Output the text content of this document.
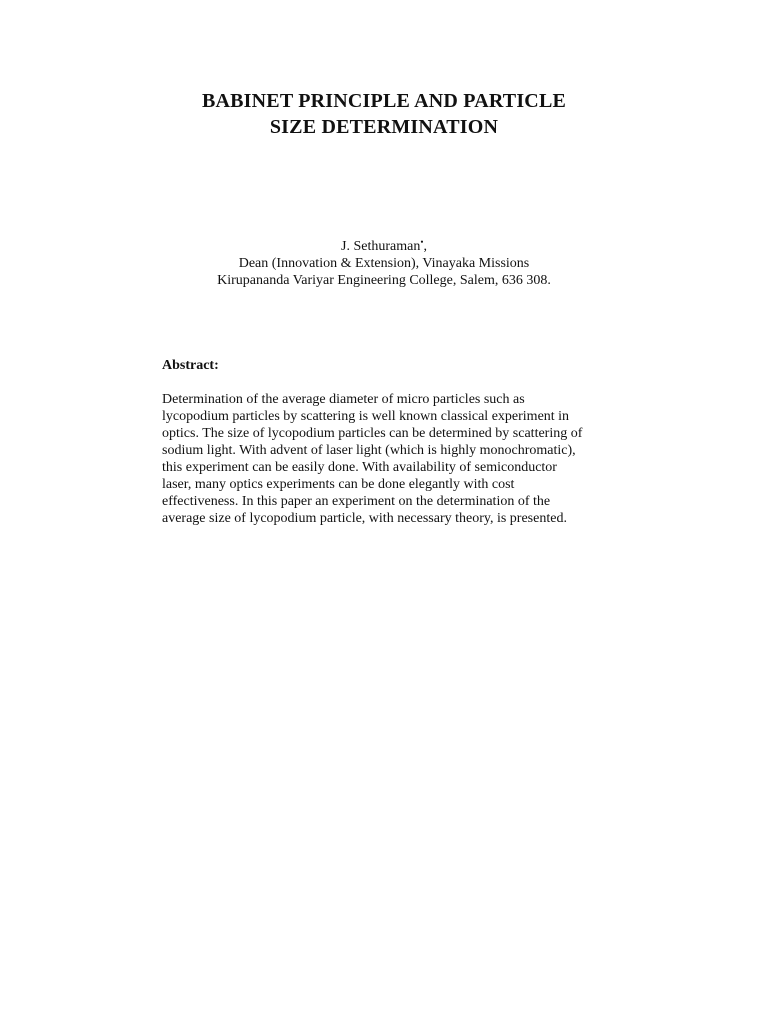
BABINET PRINCIPLE AND PARTICLE
SIZE DETERMINATION
J. Sethuraman•,
Dean (Innovation & Extension), Vinayaka Missions
Kirupananda Variyar Engineering College, Salem, 636 308.
Abstract:

Determination of the average diameter of micro particles such as
lycopodium particles by scattering is well known classical experiment in
optics. The size of lycopodium particles can be determined by scattering of
sodium light. With advent of laser light (which is highly monochromatic),
this experiment can be easily done. With availability of semiconductor
laser, many optics experiments can be done elegantly with cost
effectiveness. In this paper an experiment on the determination of the
average size of lycopodium particle, with necessary theory, is presented.
